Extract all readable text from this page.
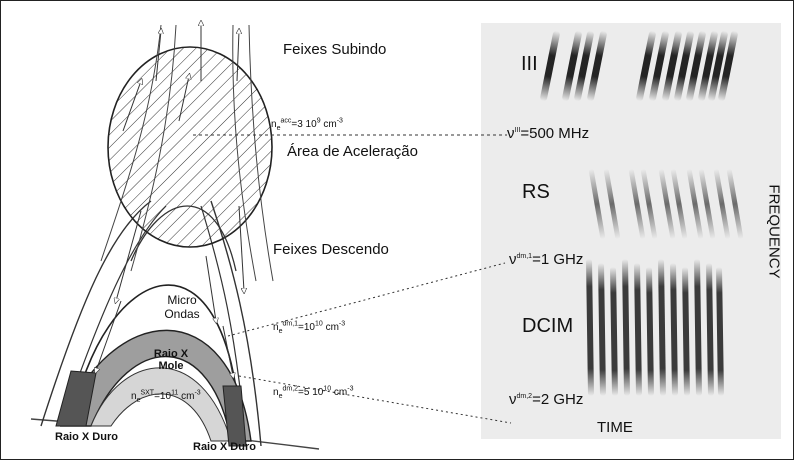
Feixes Subindo
Feixes Descendo
Área de Aceleração
$n_e^{acc}=3$ $10^9$ $cm^{-3}$
$n_e^{dm,1}=10^{10}$ $cm^{-3}$
$n_e^{dm,2}=5$ $10^{10}$ $cm^{-3}$
$n_e^{SXT}=10^{11}$ $cm^{-3}$
Micro
Ondas
Raio X
Mole
Raio X Duro
Raio X Duro
III
RS
DCIM
$\nu^{III}=500$ MHz
$\nu^{dm,1}=1$ GHz
$\nu^{dm,2}=2$ GHz
TIME
FREQUENCY
